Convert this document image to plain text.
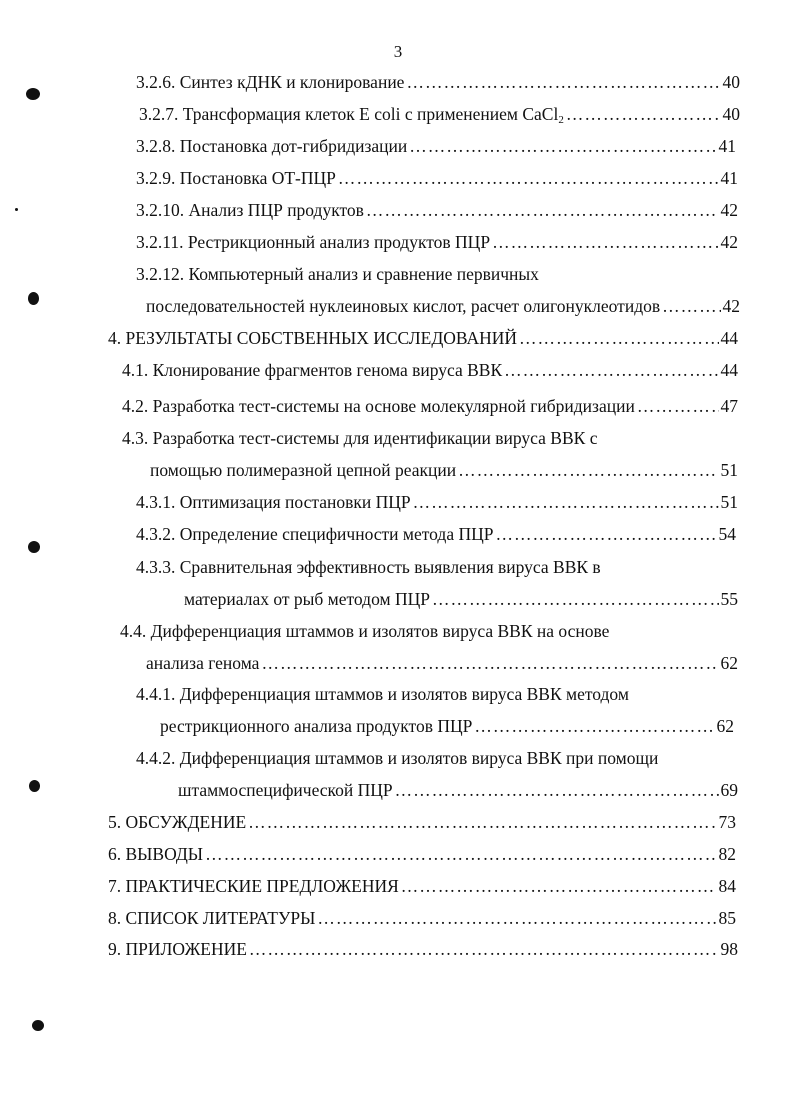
3
3.2.6. Синтез кДНК и клонирование …………………………………………………………………………………………………………………………………………………………	40
3.2.7. Трансформация клеток E coli с применением CaCl$_2$ …………………………………………………………………………………………………………………………………………………………	40
3.2.8. Постановка дот-гибридизации …………………………………………………………………………………………………………………………………………………………	41
3.2.9. Постановка ОТ-ПЦР …………………………………………………………………………………………………………………………………………………………	41
3.2.10. Анализ ПЦР продуктов …………………………………………………………………………………………………………………………………………………………	42
3.2.11. Рестрикционный анализ продуктов ПЦР …………………………………………………………………………………………………………………………………………………………	42
3.2.12. Компьютерный анализ и сравнение первичных
последовательностей нуклеиновых кислот, расчет олигонуклеотидов …………………………………………………………………………………………………………………………………………………………	42
4. РЕЗУЛЬТАТЫ СОБСТВЕННЫХ ИССЛЕДОВАНИЙ …………………………………………………………………………………………………………………………………………………………	44
4.1. Клонирование фрагментов генома вируса ВВК …………………………………………………………………………………………………………………………………………………………	44
4.2. Разработка тест-системы на основе молекулярной гибридизации …………………………………………………………………………………………………………………………………………………………	47
4.3. Разработка тест-системы для идентификации вируса ВВК с
помощью полимеразной цепной реакции …………………………………………………………………………………………………………………………………………………………	51
4.3.1. Оптимизация постановки ПЦР …………………………………………………………………………………………………………………………………………………………	51
4.3.2. Определение специфичности метода ПЦР …………………………………………………………………………………………………………………………………………………………	54
4.3.3. Сравнительная эффективность выявления вируса ВВК в
материалах от рыб методом ПЦР …………………………………………………………………………………………………………………………………………………………	55
4.4. Дифференциация штаммов и изолятов вируса ВВК на основе
анализа генома …………………………………………………………………………………………………………………………………………………………	62
4.4.1. Дифференциация штаммов и изолятов вируса ВВК методом
рестрикционного анализа продуктов ПЦР …………………………………………………………………………………………………………………………………………………………	62
4.4.2. Дифференциация штаммов и изолятов вируса ВВК при помощи
штаммоспецифической ПЦР …………………………………………………………………………………………………………………………………………………………	69
5. ОБСУЖДЕНИЕ …………………………………………………………………………………………………………………………………………………………	73
6. ВЫВОДЫ …………………………………………………………………………………………………………………………………………………………	82
7. ПРАКТИЧЕСКИЕ ПРЕДЛОЖЕНИЯ …………………………………………………………………………………………………………………………………………………………	84
8. СПИСОК ЛИТЕРАТУРЫ …………………………………………………………………………………………………………………………………………………………	85
9. ПРИЛОЖЕНИЕ …………………………………………………………………………………………………………………………………………………………	98
